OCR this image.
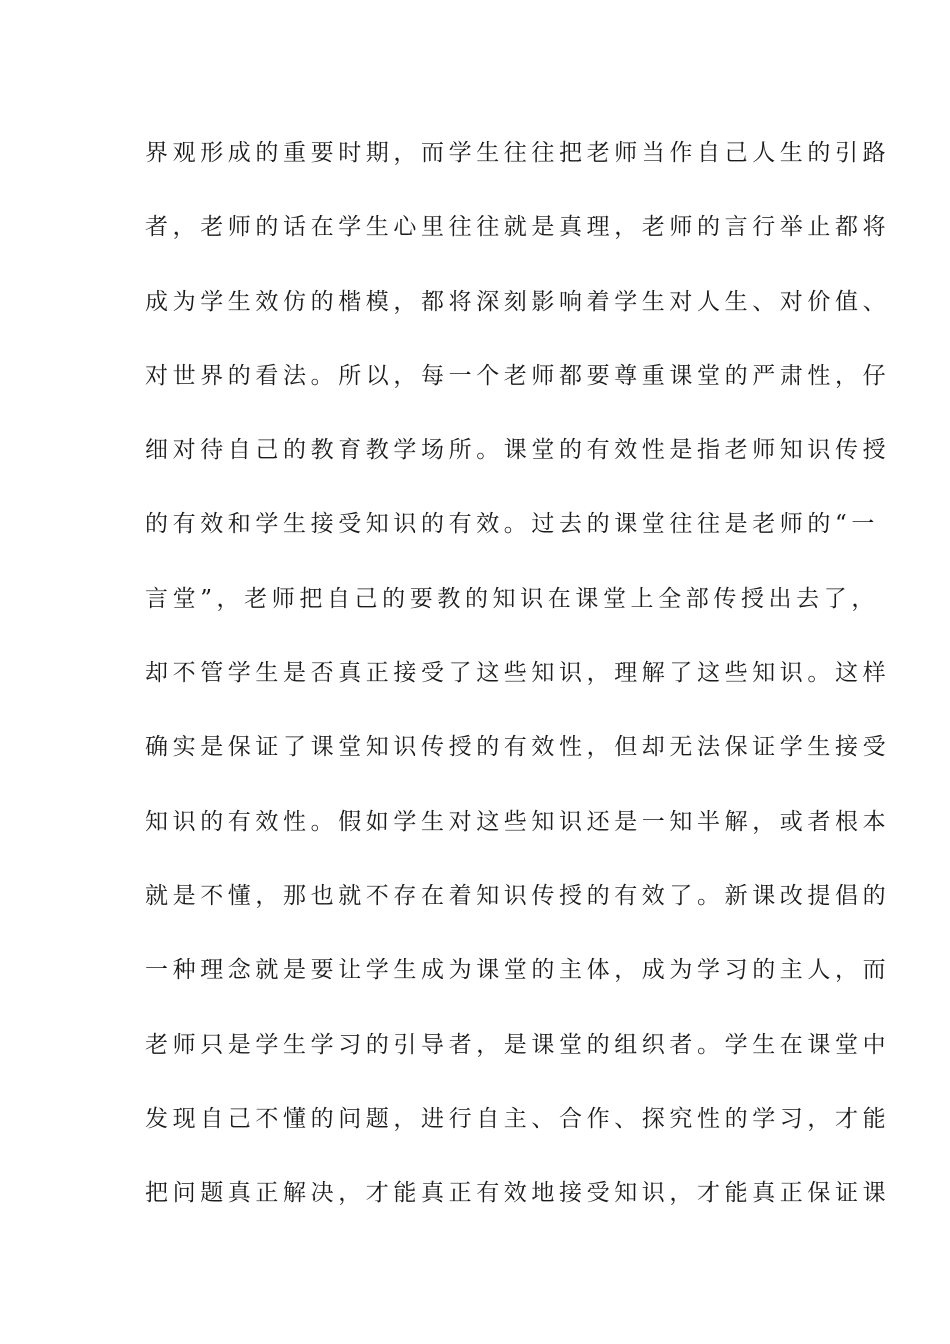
界观形成的重要时期，而学生往往把老师当作自己人生的引路
者，老师的话在学生心里往往就是真理，老师的言行举止都将
成为学生效仿的楷模，都将深刻影响着学生对人生、对价值、
对世界的看法。所以，每一个老师都要尊重课堂的严肃性，仔
细对待自己的教育教学场所。课堂的有效性是指老师知识传授
的有效和学生接受知识的有效。过去的课堂往往是老师的“一
言堂”，老师把自己的要教的知识在课堂上全部传授出去了，
却不管学生是否真正接受了这些知识，理解了这些知识。这样
确实是保证了课堂知识传授的有效性，但却无法保证学生接受
知识的有效性。假如学生对这些知识还是一知半解，或者根本
就是不懂，那也就不存在着知识传授的有效了。新课改提倡的
一种理念就是要让学生成为课堂的主体，成为学习的主人，而
老师只是学生学习的引导者，是课堂的组织者。学生在课堂中
发现自己不懂的问题，进行自主、合作、探究性的学习，才能
把问题真正解决，才能真正有效地接受知识，才能真正保证课
